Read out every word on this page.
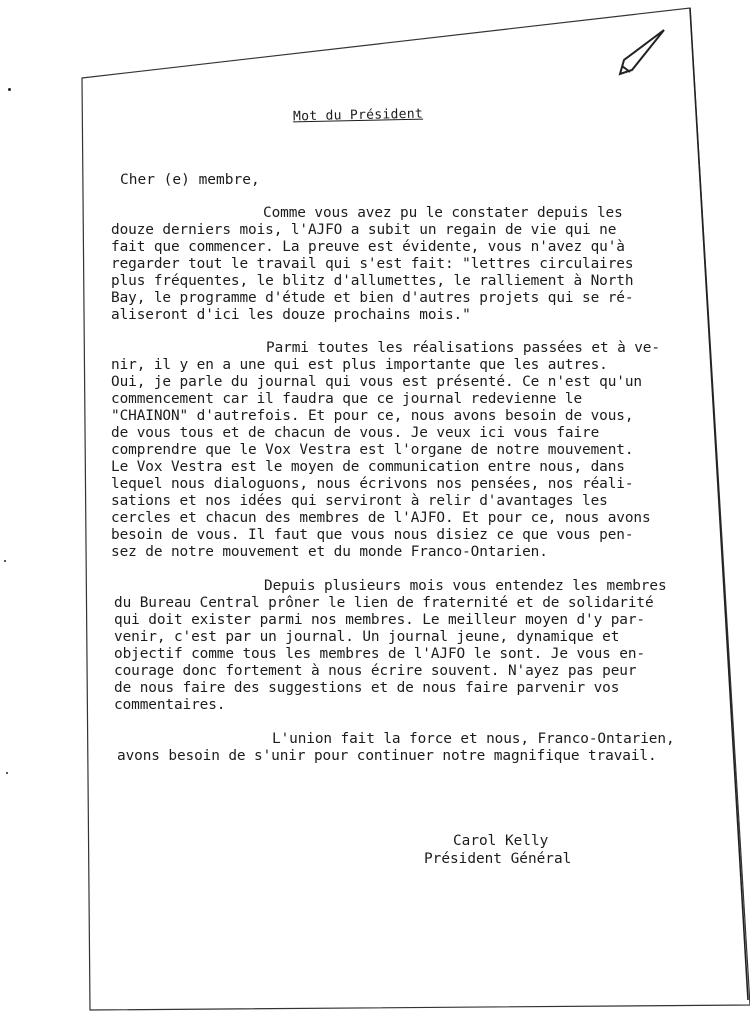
Mot du Président
Cher (e) membre,
Comme vous avez pu le constater depuis les
douze derniers mois, l'AJFO a subit un regain de vie qui ne
fait que commencer. La preuve est évidente, vous n'avez qu'à
regarder tout le travail qui s'est fait: "lettres circulaires
plus fréquentes, le blitz d'allumettes, le ralliement à North
Bay, le programme d'étude et bien d'autres projets qui se ré-
aliseront d'ici les douze prochains mois."
Parmi toutes les réalisations passées et à ve-
nir, il y en a une qui est plus importante que les autres.
Oui, je parle du journal qui vous est présenté. Ce n'est qu'un
commencement car il faudra que ce journal redevienne le
"CHAINON" d'autrefois. Et pour ce, nous avons besoin de vous,
de vous tous et de chacun de vous. Je veux ici vous faire
comprendre que le Vox Vestra est l'organe de notre mouvement.
Le Vox Vestra est le moyen de communication entre nous, dans
lequel nous dialoguons, nous écrivons nos pensées, nos réali-
sations et nos idées qui serviront à relir d'avantages les
cercles et chacun des membres de l'AJFO. Et pour ce, nous avons
besoin de vous. Il faut que vous nous disiez ce que vous pen-
sez de notre mouvement et du monde Franco-Ontarien.
Depuis plusieurs mois vous entendez les membres
du Bureau Central prôner le lien de fraternité et de solidarité
qui doit exister parmi nos membres. Le meilleur moyen d'y par-
venir, c'est par un journal. Un journal jeune, dynamique et
objectif comme tous les membres de l'AJFO le sont. Je vous en-
courage donc fortement à nous écrire souvent. N'ayez pas peur
de nous faire des suggestions et de nous faire parvenir vos
commentaires.
L'union fait la force et nous, Franco-Ontarien,
avons besoin de s'unir pour continuer notre magnifique travail.
Carol Kelly
Président Général
